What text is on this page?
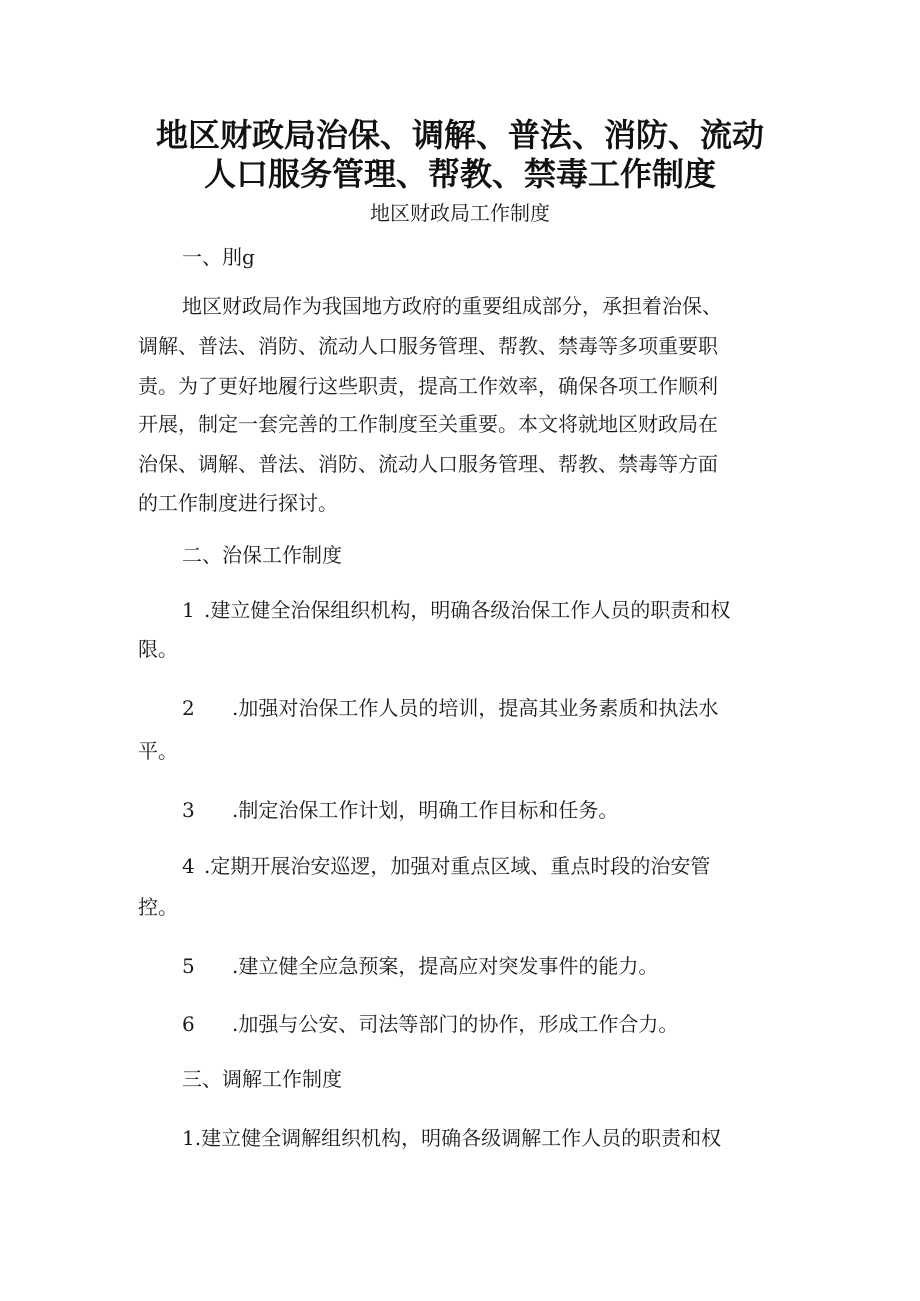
地区财政局治保、调解、普法、消防、流动
人口服务管理、帮教、禁毒工作制度
地区财政局工作制度
一、刖g
地区财政局作为我国地方政府的重要组成部分，承担着治保、
调解、普法、消防、流动人口服务管理、帮教、禁毒等多项重要职
责。为了更好地履行这些职责，提高工作效率，确保各项工作顺利
开展，制定一套完善的工作制度至关重要。本文将就地区财政局在
治保、调解、普法、消防、流动人口服务管理、帮教、禁毒等方面
的工作制度进行探讨。
二、治保工作制度
1 .建立健全治保组织机构，明确各级治保工作人员的职责和权
限。
2 .加强对治保工作人员的培训，提高其业务素质和执法水
平。
3 .制定治保工作计划，明确工作目标和任务。
4 .定期开展治安巡逻，加强对重点区域、重点时段的治安管
控。
5 .建立健全应急预案，提高应对突发事件的能力。
6 .加强与公安、司法等部门的协作，形成工作合力。
三、调解工作制度
1.建立健全调解组织机构，明确各级调解工作人员的职责和权
